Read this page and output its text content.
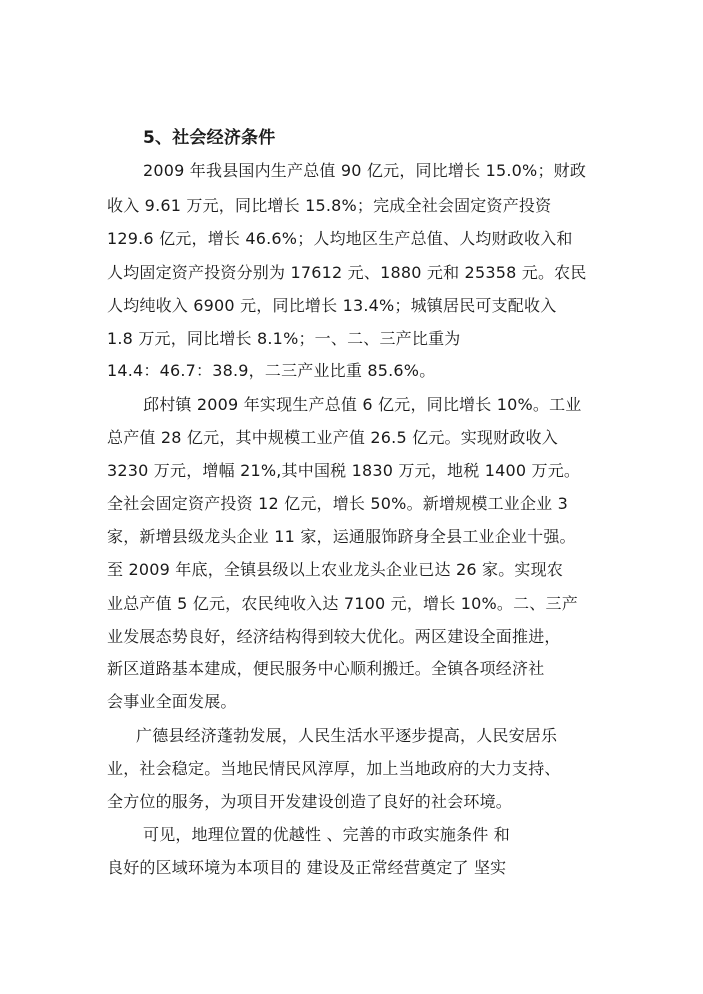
5、社会经济条件
2009 年我县国内生产总值 90 亿元，同比增长 15.0%；财政
收入 9.61 万元，同比增长 15.8%；完成全社会固定资产投资
129.6 亿元，增长 46.6%；人均地区生产总值、人均财政收入和
人均固定资产投资分别为 17612 元、1880 元和 25358 元。农民
人均纯收入 6900 元，同比增长 13.4%；城镇居民可支配收入
1.8 万元，同比增长 8.1%；一、二、三产比重为
14.4：46.7：38.9，二三产业比重 85.6%。
邱村镇 2009 年实现生产总值 6 亿元，同比增长 10%。工业
总产值 28 亿元，其中规模工业产值 26.5 亿元。实现财政收入
3230 万元，增幅 21%,其中国税 1830 万元，地税 1400 万元。
全社会固定资产投资 12 亿元，增长 50%。新增规模工业企业 3
家，新增县级龙头企业 11 家，运通服饰跻身全县工业企业十强。
至 2009 年底，全镇县级以上农业龙头企业已达 26 家。实现农
业总产值 5 亿元，农民纯收入达 7100 元，增长 10%。二、三产
业发展态势良好，经济结构得到较大优化。两区建设全面推进，
新区道路基本建成，便民服务中心顺利搬迁。全镇各项经济社
会事业全面发展。
广德县经济蓬勃发展，人民生活水平逐步提高，人民安居乐
业，社会稳定。当地民情民风淳厚，加上当地政府的大力支持、
全方位的服务，为项目开发建设创造了良好的社会环境。
可见，地理位置的优越性 、完善的市政实施条件 和
良好的区域环境为本项目的 建设及正常经营奠定了 坚实
